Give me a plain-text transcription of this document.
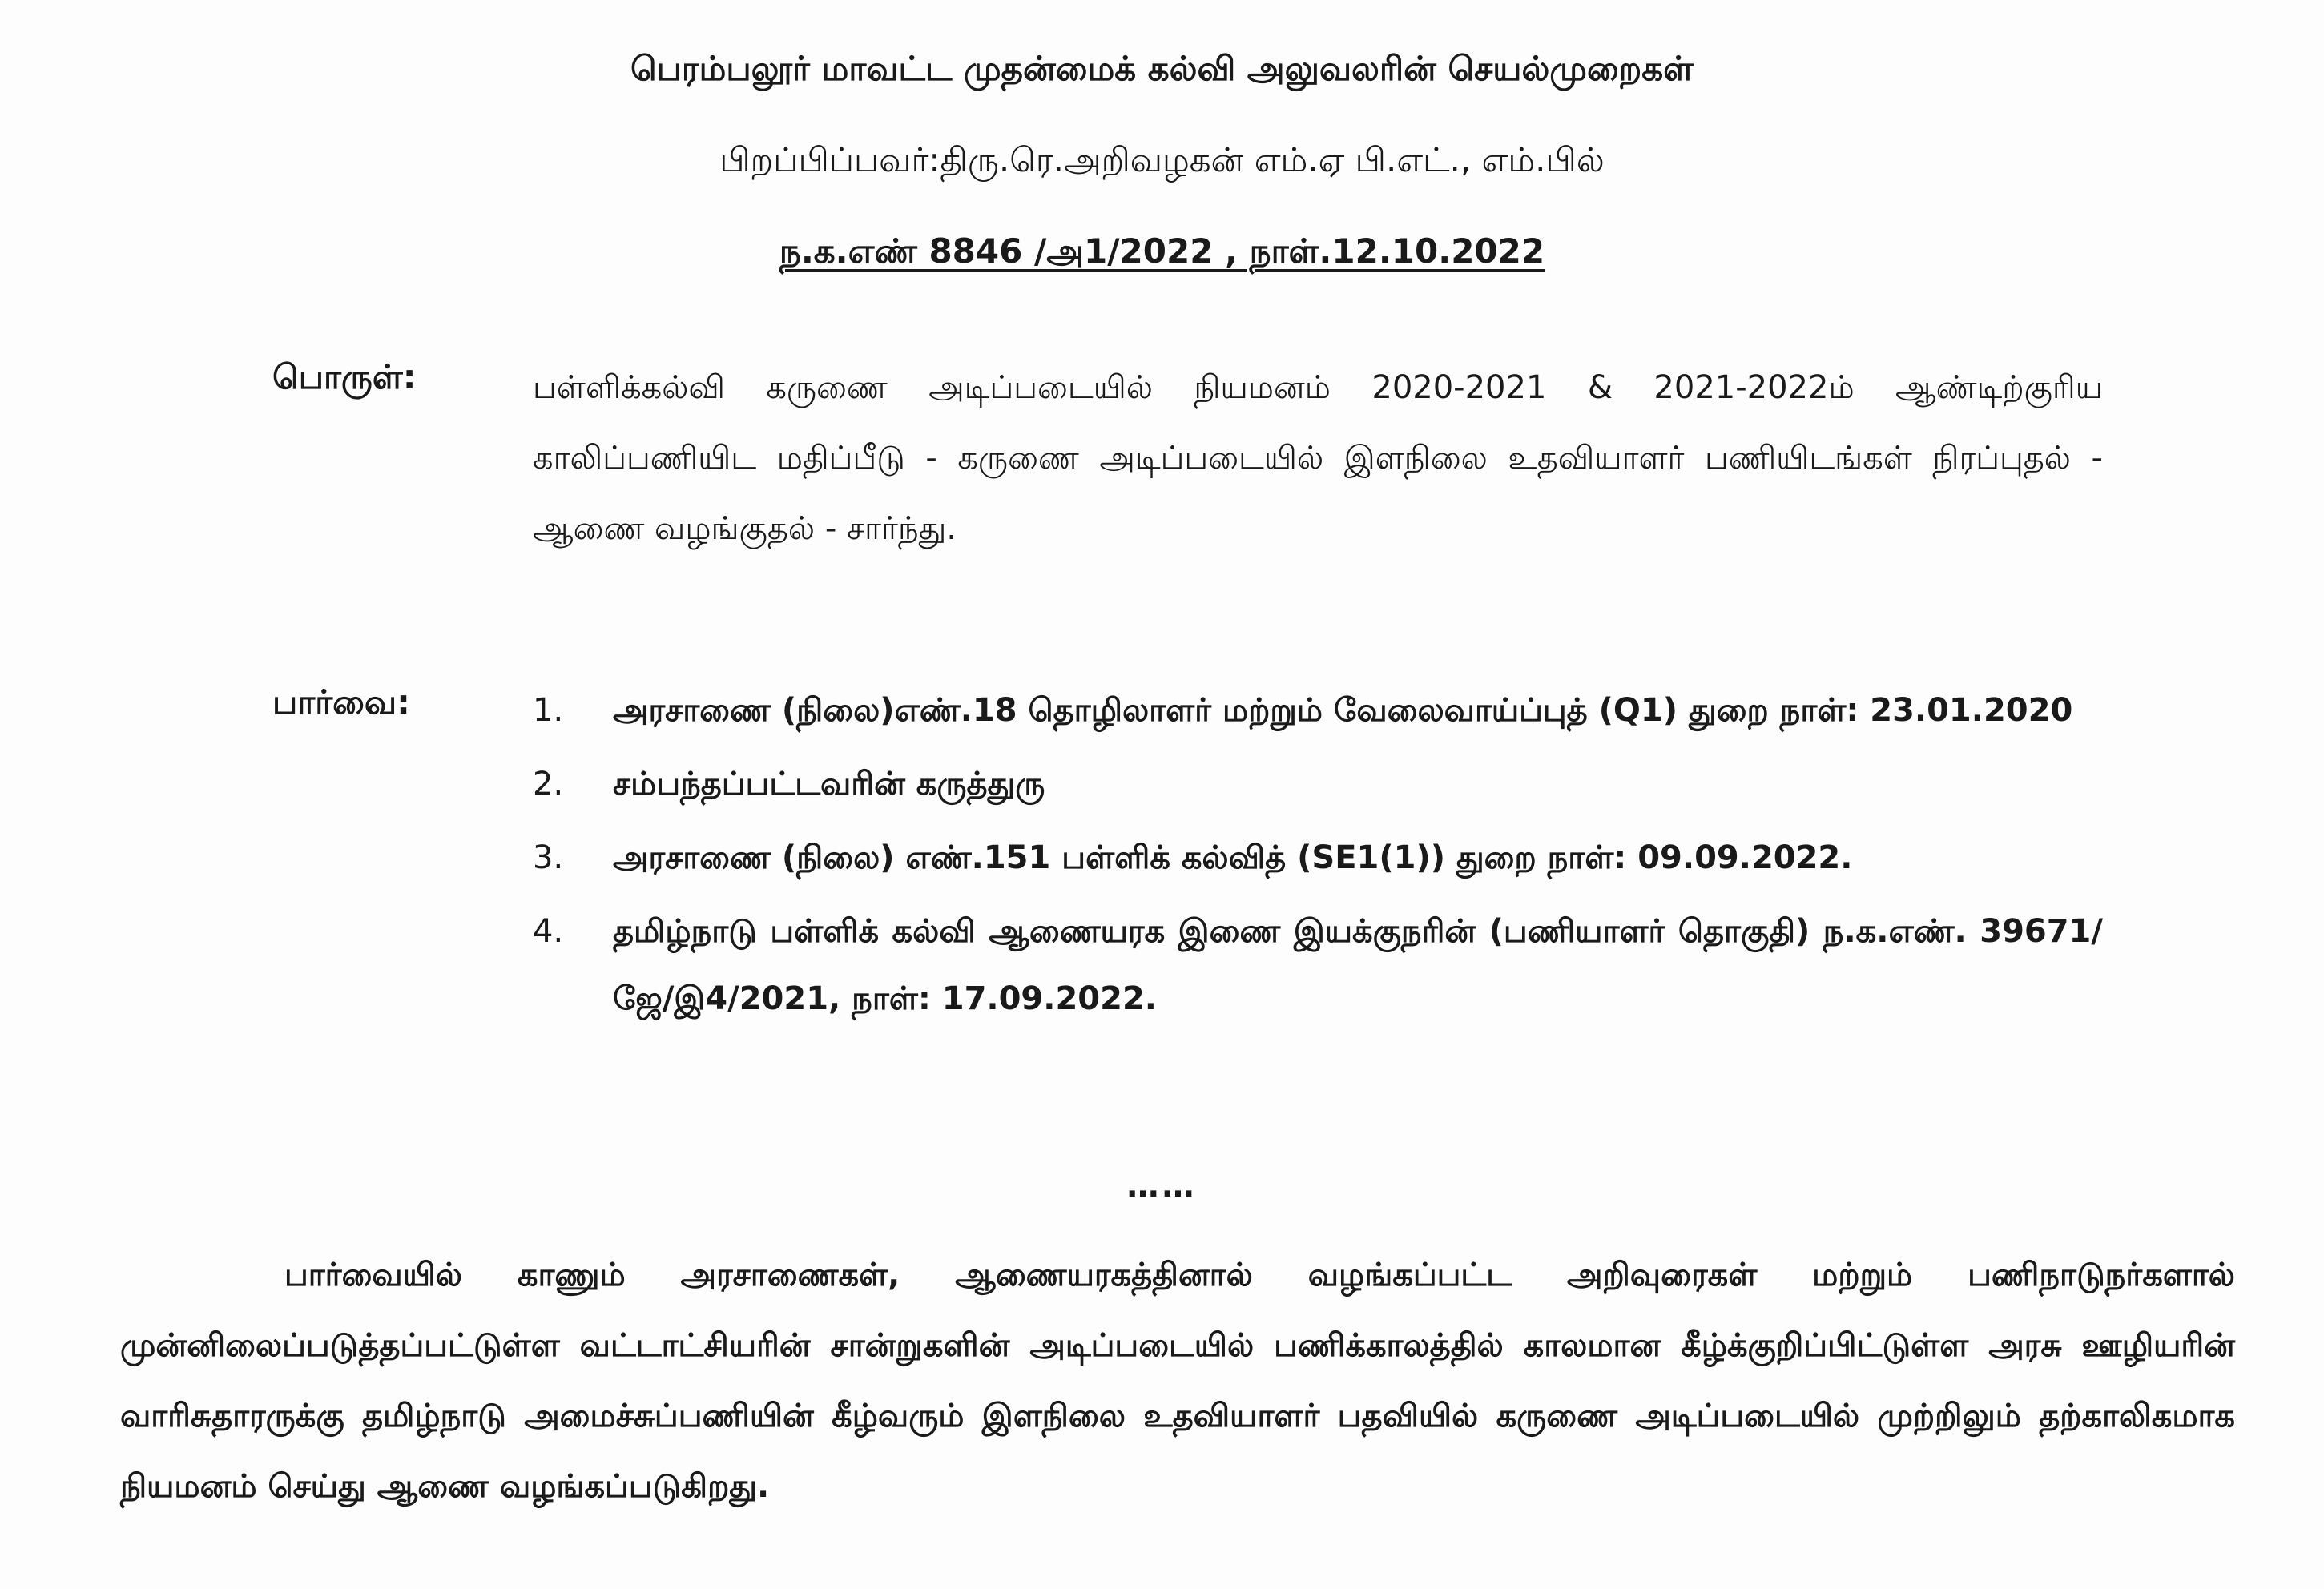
பெரம்பலூர் மாவட்ட முதன்மைக் கல்வி அலுவலரின் செயல்முறைகள்
பிறப்பிப்பவர்:திரு.ரெ.அறிவழகன் எம்.ஏ பி.எட்., எம்.பில்
ந.க.எண் 8846 /அ1/2022 , நாள்.12.10.2022
பொருள்:	பள்ளிக்கல்வி கருணை அடிப்படையில் நியமனம் 2020-2021 & 2021-2022ம் ஆண்டிற்குரிய காலிப்பணியிட மதிப்பீடு - கருணை அடிப்படையில் இளநிலை உதவியாளர் பணியிடங்கள் நிரப்புதல் - ஆணை வழங்குதல் - சார்ந்து.
பார்வை:	1. அரசாணை (நிலை)எண்.18 தொழிலாளர் மற்றும் வேலைவாய்ப்புத் (Q1) துறை நாள்: 23.01.2020
2. சம்பந்தப்பட்டவரின் கருத்துரு
3. அரசாணை (நிலை) எண்.151 பள்ளிக் கல்வித் (SE1(1)) துறை நாள்: 09.09.2022.
4. தமிழ்நாடு பள்ளிக் கல்வி ஆணையரக இணை இயக்குநரின் (பணியாளர் தொகுதி) ந.க.எண். 39671/ஜே/இ4/2021, நாள்: 17.09.2022.
……
பார்வையில் காணும் அரசாணைகள், ஆணையரகத்தினால் வழங்கப்பட்ட அறிவுரைகள் மற்றும் பணிநாடுநர்களால் முன்னிலைப்படுத்தப்பட்டுள்ள வட்டாட்சியரின் சான்றுகளின் அடிப்படையில் பணிக்காலத்தில் காலமான கீழ்க்குறிப்பிட்டுள்ள அரசு ஊழியரின் வாரிசுதாரருக்கு தமிழ்நாடு அமைச்சுப்பணியின் கீழ்வரும் இளநிலை உதவியாளர் பதவியில் கருணை அடிப்படையில் முற்றிலும் தற்காலிகமாக நியமனம் செய்து ஆணை வழங்கப்படுகிறது.
